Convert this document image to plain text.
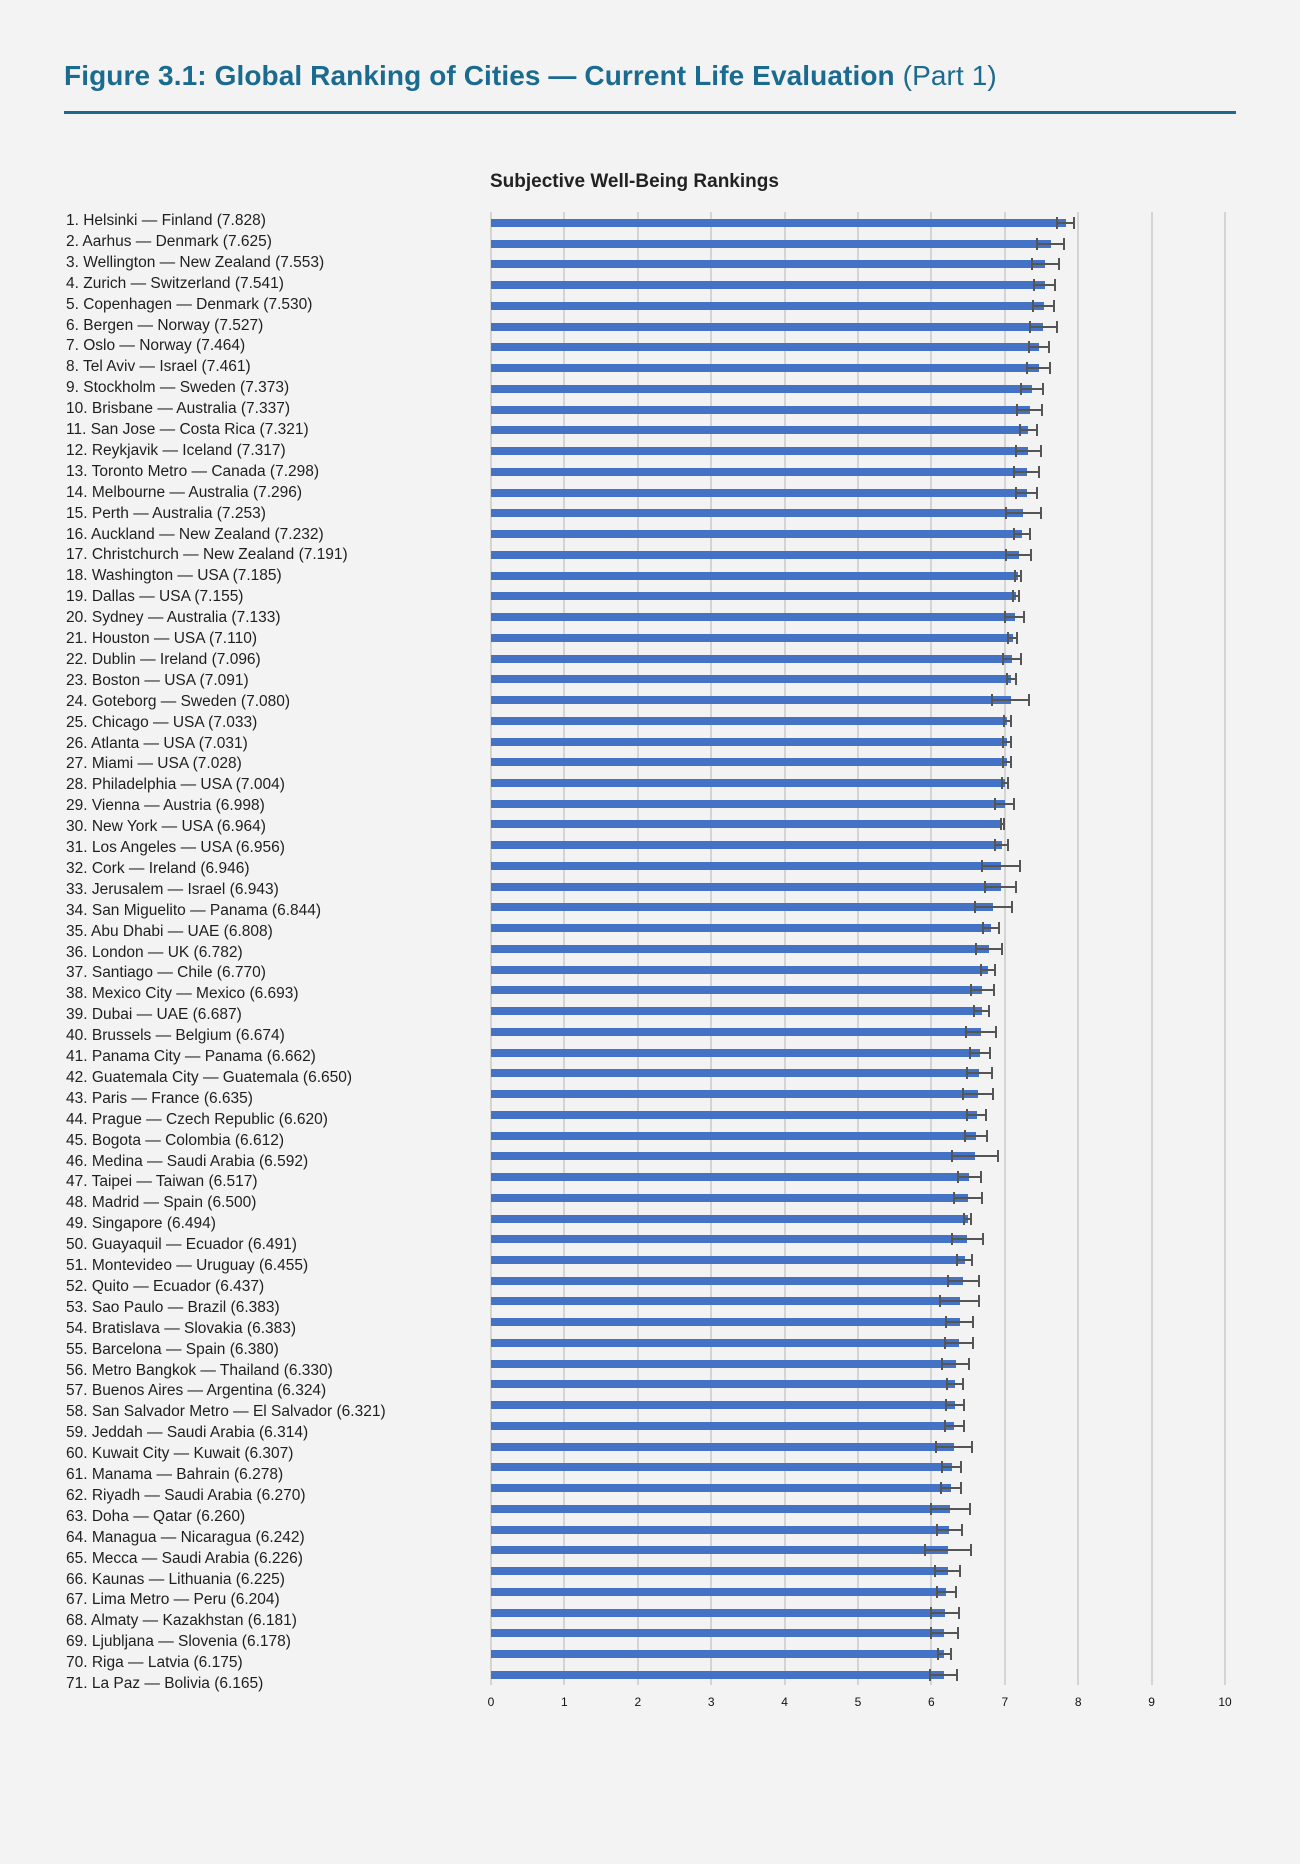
Figure 3.1: Global Ranking of Cities — Current Life Evaluation (Part 1)
Subjective Well-Being Rankings
0	1	2	3	4	5	6	7	8	9	10
1. Helsinki — Finland (7.828)
2. Aarhus — Denmark (7.625)
3. Wellington — New Zealand (7.553)
4. Zurich — Switzerland (7.541)
5. Copenhagen — Denmark (7.530)
6. Bergen — Norway (7.527)
7. Oslo — Norway (7.464)
8. Tel Aviv — Israel (7.461)
9. Stockholm — Sweden (7.373)
10. Brisbane — Australia (7.337)
11. San Jose — Costa Rica (7.321)
12. Reykjavik — Iceland (7.317)
13. Toronto Metro — Canada (7.298)
14. Melbourne — Australia (7.296)
15. Perth — Australia (7.253)
16. Auckland — New Zealand (7.232)
17. Christchurch — New Zealand (7.191)
18. Washington — USA (7.185)
19. Dallas — USA (7.155)
20. Sydney — Australia (7.133)
21. Houston — USA (7.110)
22. Dublin — Ireland (7.096)
23. Boston — USA (7.091)
24. Goteborg — Sweden (7.080)
25. Chicago — USA (7.033)
26. Atlanta — USA (7.031)
27. Miami — USA (7.028)
28. Philadelphia — USA (7.004)
29. Vienna — Austria (6.998)
30. New York — USA (6.964)
31. Los Angeles — USA (6.956)
32. Cork — Ireland (6.946)
33. Jerusalem — Israel (6.943)
34. San Miguelito — Panama (6.844)
35. Abu Dhabi — UAE (6.808)
36. London — UK (6.782)
37. Santiago — Chile (6.770)
38. Mexico City — Mexico (6.693)
39. Dubai — UAE (6.687)
40. Brussels — Belgium (6.674)
41. Panama City — Panama (6.662)
42. Guatemala City — Guatemala (6.650)
43. Paris — France (6.635)
44. Prague — Czech Republic (6.620)
45. Bogota — Colombia (6.612)
46. Medina — Saudi Arabia (6.592)
47. Taipei — Taiwan (6.517)
48. Madrid — Spain (6.500)
49. Singapore (6.494)
50. Guayaquil — Ecuador (6.491)
51. Montevideo — Uruguay (6.455)
52. Quito — Ecuador (6.437)
53. Sao Paulo — Brazil (6.383)
54. Bratislava — Slovakia (6.383)
55. Barcelona — Spain (6.380)
56. Metro Bangkok — Thailand (6.330)
57. Buenos Aires — Argentina (6.324)
58. San Salvador Metro — El Salvador (6.321)
59. Jeddah — Saudi Arabia (6.314)
60. Kuwait City — Kuwait (6.307)
61. Manama — Bahrain (6.278)
62. Riyadh — Saudi Arabia (6.270)
63. Doha — Qatar (6.260)
64. Managua — Nicaragua (6.242)
65. Mecca — Saudi Arabia (6.226)
66. Kaunas — Lithuania (6.225)
67. Lima Metro — Peru (6.204)
68. Almaty — Kazakhstan (6.181)
69. Ljubljana — Slovenia (6.178)
70. Riga — Latvia (6.175)
71. La Paz — Bolivia (6.165)
